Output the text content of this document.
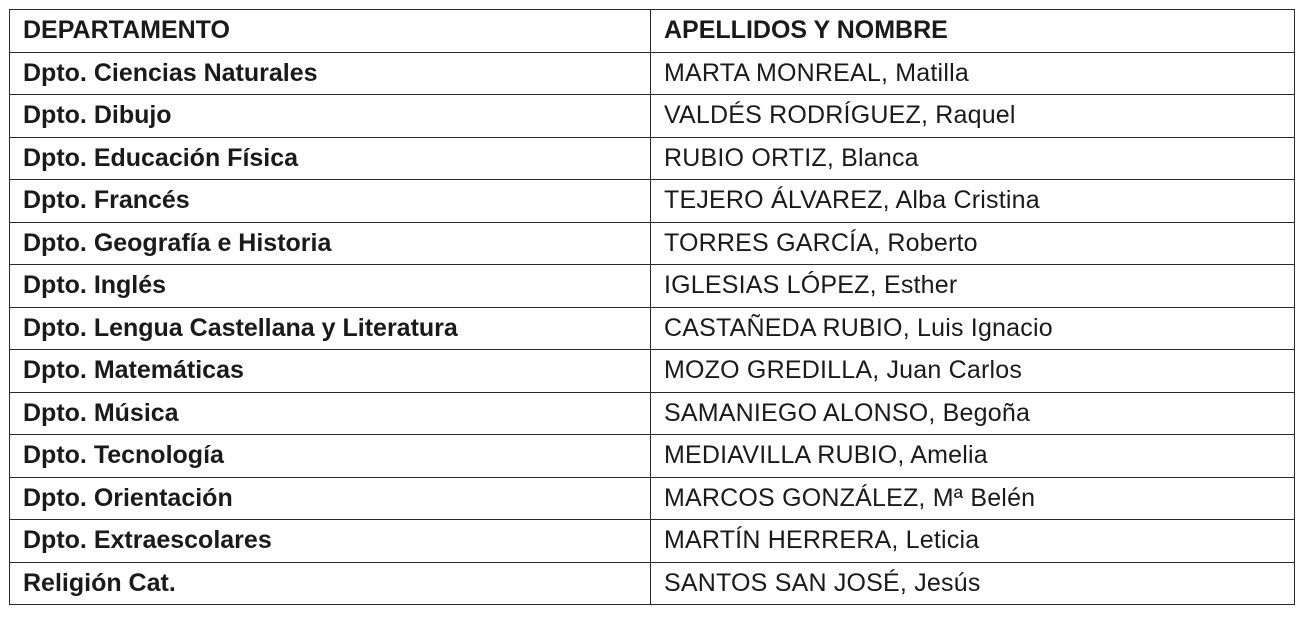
DEPARTAMENTO	APELLIDOS Y NOMBRE
Dpto. Ciencias Naturales	MARTA MONREAL, Matilla
Dpto. Dibujo	VALDÉS RODRÍGUEZ, Raquel
Dpto. Educación Física	RUBIO ORTIZ, Blanca
Dpto. Francés	TEJERO ÁLVAREZ, Alba Cristina
Dpto. Geografía e Historia	TORRES GARCÍA, Roberto
Dpto. Inglés	IGLESIAS LÓPEZ, Esther
Dpto. Lengua Castellana y Literatura	CASTAÑEDA RUBIO, Luis Ignacio
Dpto. Matemáticas	MOZO GREDILLA, Juan Carlos
Dpto. Música	SAMANIEGO ALONSO, Begoña
Dpto. Tecnología	MEDIAVILLA RUBIO, Amelia
Dpto. Orientación	MARCOS GONZÁLEZ, Mª Belén
Dpto. Extraescolares	MARTÍN HERRERA, Leticia
Religión Cat.	SANTOS SAN JOSÉ, Jesús
